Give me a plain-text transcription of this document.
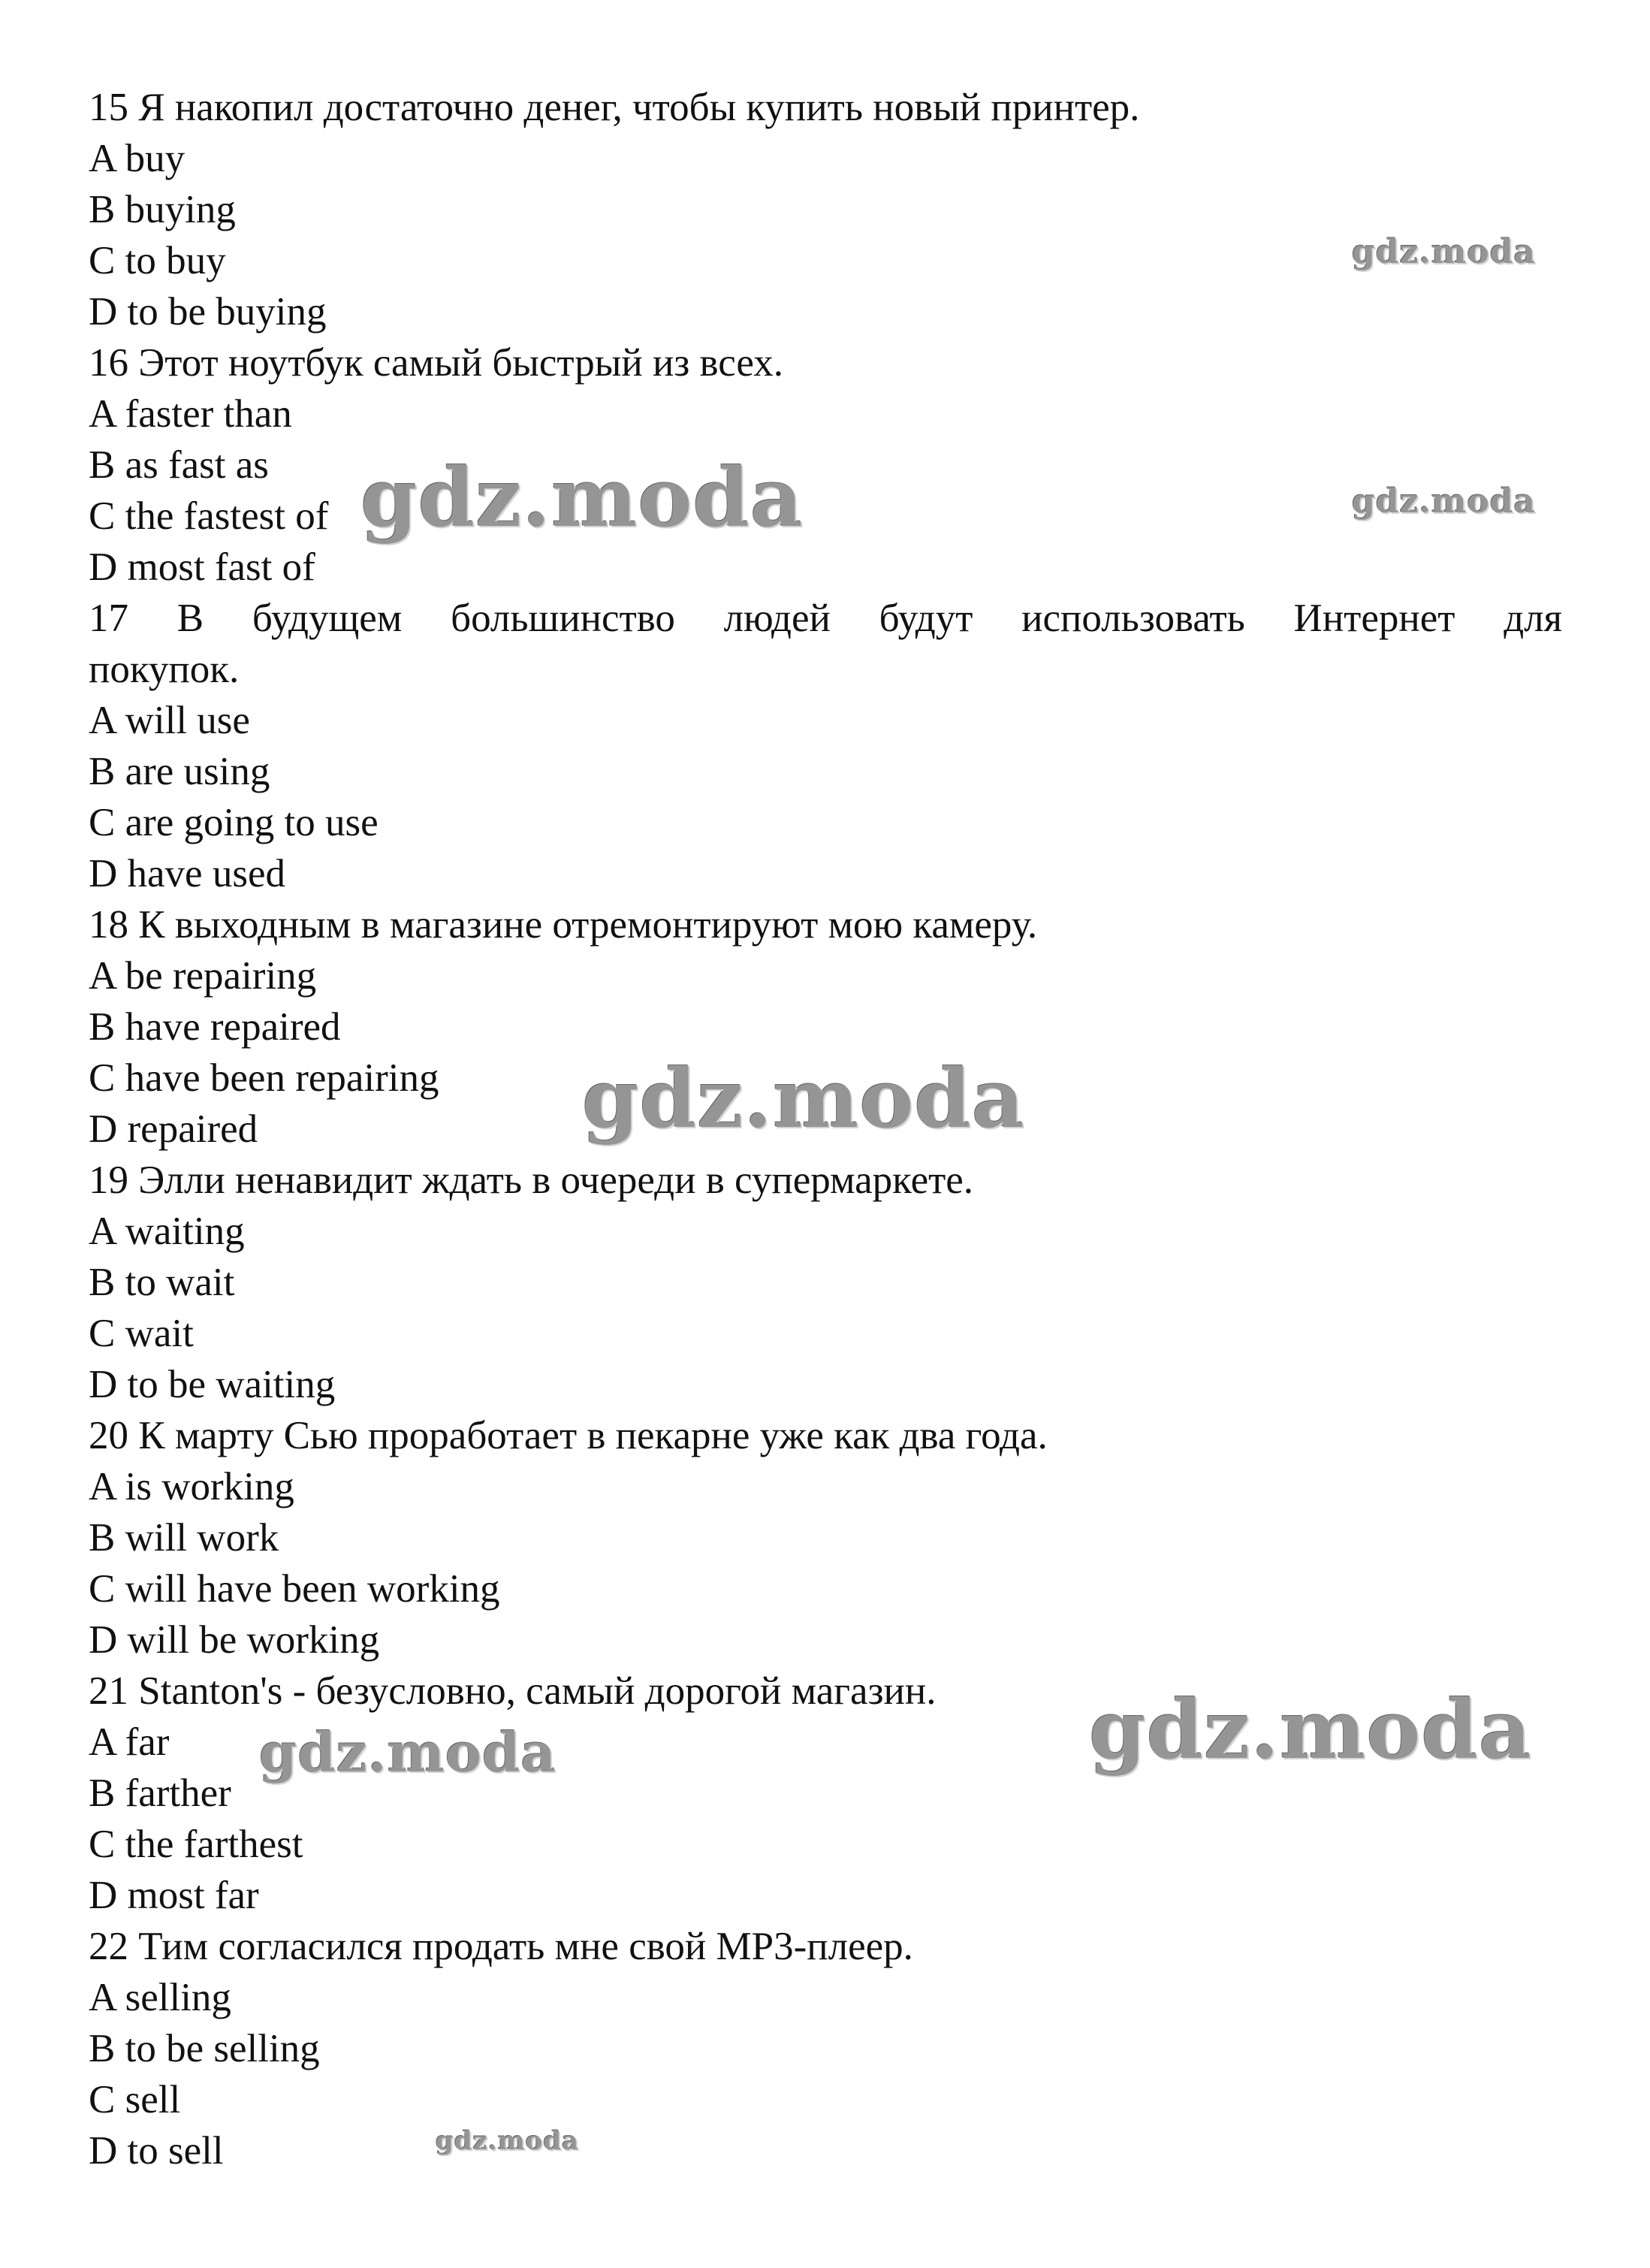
15 Я накопил достаточно денег, чтобы купить новый принтер.
A buy
B buying
C to buy
D to be buying
16 Этот ноутбук самый быстрый из всех.
A faster than
B as fast as
C the fastest of
D most fast of
17 В будущем большинство людей будут использовать Интернет для
покупок.
A will use
B are using
C are going to use
D have used
18 К выходным в магазине отремонтируют мою камеру.
A be repairing
B have repaired
C have been repairing
D repaired
19 Элли ненавидит ждать в очереди в супермаркете.
A waiting
B to wait
C wait
D to be waiting
20 К марту Сью проработает в пекарне уже как два года.
A is working
B will work
C will have been working
D will be working
21 Stanton's - безусловно, самый дорогой магазин.
A far
B farther
C the farthest
D most far
22 Тим согласился продать мне свой MP3-плеер.
A selling
B to be selling
C sell
D to sell
gdz.moda
gdz.moda
gdz.moda
gdz.moda
gdz.moda
gdz.moda
gdz.moda
